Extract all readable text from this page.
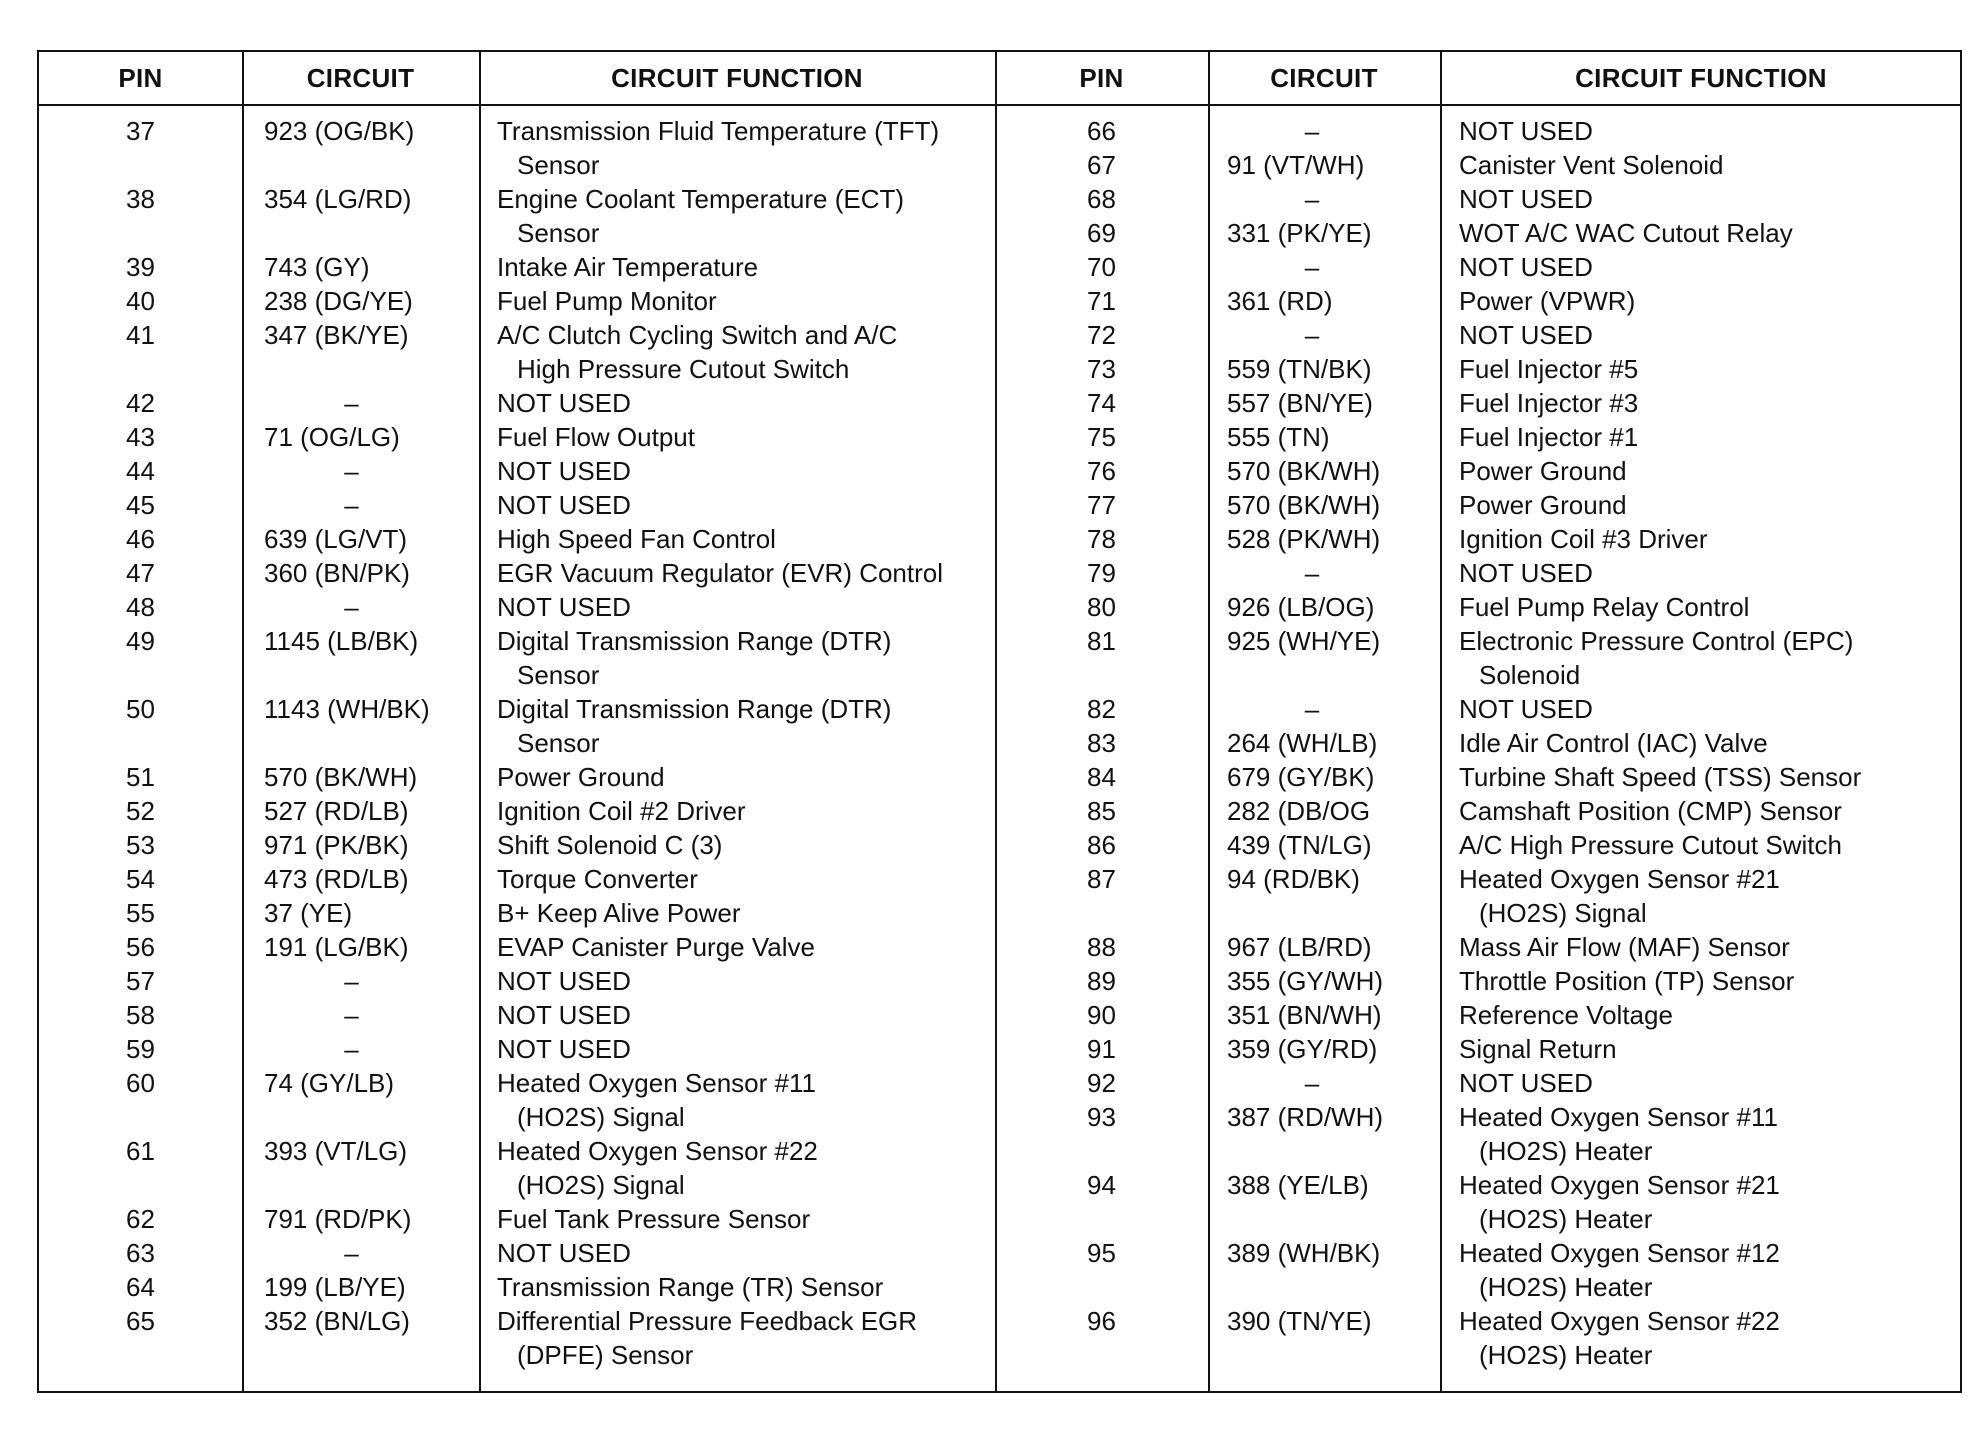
PIN	CIRCUIT	CIRCUIT FUNCTION	PIN	CIRCUIT	CIRCUIT FUNCTION
37	923 (OG/BK)	Transmission Fluid Temperature (TFT)
Sensor
38	354 (LG/RD)	Engine Coolant Temperature (ECT)
Sensor
39	743 (GY)	Intake Air Temperature
40	238 (DG/YE)	Fuel Pump Monitor
41	347 (BK/YE)	A/C Clutch Cycling Switch and A/C
High Pressure Cutout Switch
42	–	NOT USED
43	71 (OG/LG)	Fuel Flow Output
44	–	NOT USED
45	–	NOT USED
46	639 (LG/VT)	High Speed Fan Control
47	360 (BN/PK)	EGR Vacuum Regulator (EVR) Control
48	–	NOT USED
49	1145 (LB/BK)	Digital Transmission Range (DTR)
Sensor
50	1143 (WH/BK)	Digital Transmission Range (DTR)
Sensor
51	570 (BK/WH)	Power Ground
52	527 (RD/LB)	Ignition Coil #2 Driver
53	971 (PK/BK)	Shift Solenoid C (3)
54	473 (RD/LB)	Torque Converter
55	37 (YE)	B+ Keep Alive Power
56	191 (LG/BK)	EVAP Canister Purge Valve
57	–	NOT USED
58	–	NOT USED
59	–	NOT USED
60	74 (GY/LB)	Heated Oxygen Sensor #11
(HO2S) Signal
61	393 (VT/LG)	Heated Oxygen Sensor #22
(HO2S) Signal
62	791 (RD/PK)	Fuel Tank Pressure Sensor
63	–	NOT USED
64	199 (LB/YE)	Transmission Range (TR) Sensor
65	352 (BN/LG)	Differential Pressure Feedback EGR
(DPFE) Sensor
66	–	NOT USED
67	91 (VT/WH)	Canister Vent Solenoid
68	–	NOT USED
69	331 (PK/YE)	WOT A/C WAC Cutout Relay
70	–	NOT USED
71	361 (RD)	Power (VPWR)
72	–	NOT USED
73	559 (TN/BK)	Fuel Injector #5
74	557 (BN/YE)	Fuel Injector #3
75	555 (TN)	Fuel Injector #1
76	570 (BK/WH)	Power Ground
77	570 (BK/WH)	Power Ground
78	528 (PK/WH)	Ignition Coil #3 Driver
79	–	NOT USED
80	926 (LB/OG)	Fuel Pump Relay Control
81	925 (WH/YE)	Electronic Pressure Control (EPC)
Solenoid
82	–	NOT USED
83	264 (WH/LB)	Idle Air Control (IAC) Valve
84	679 (GY/BK)	Turbine Shaft Speed (TSS) Sensor
85	282 (DB/OG	Camshaft Position (CMP) Sensor
86	439 (TN/LG)	A/C High Pressure Cutout Switch
87	94 (RD/BK)	Heated Oxygen Sensor #21
(HO2S) Signal
88	967 (LB/RD)	Mass Air Flow (MAF) Sensor
89	355 (GY/WH)	Throttle Position (TP) Sensor
90	351 (BN/WH)	Reference Voltage
91	359 (GY/RD)	Signal Return
92	–	NOT USED
93	387 (RD/WH)	Heated Oxygen Sensor #11
(HO2S) Heater
94	388 (YE/LB)	Heated Oxygen Sensor #21
(HO2S) Heater
95	389 (WH/BK)	Heated Oxygen Sensor #12
(HO2S) Heater
96	390 (TN/YE)	Heated Oxygen Sensor #22
(HO2S) Heater
